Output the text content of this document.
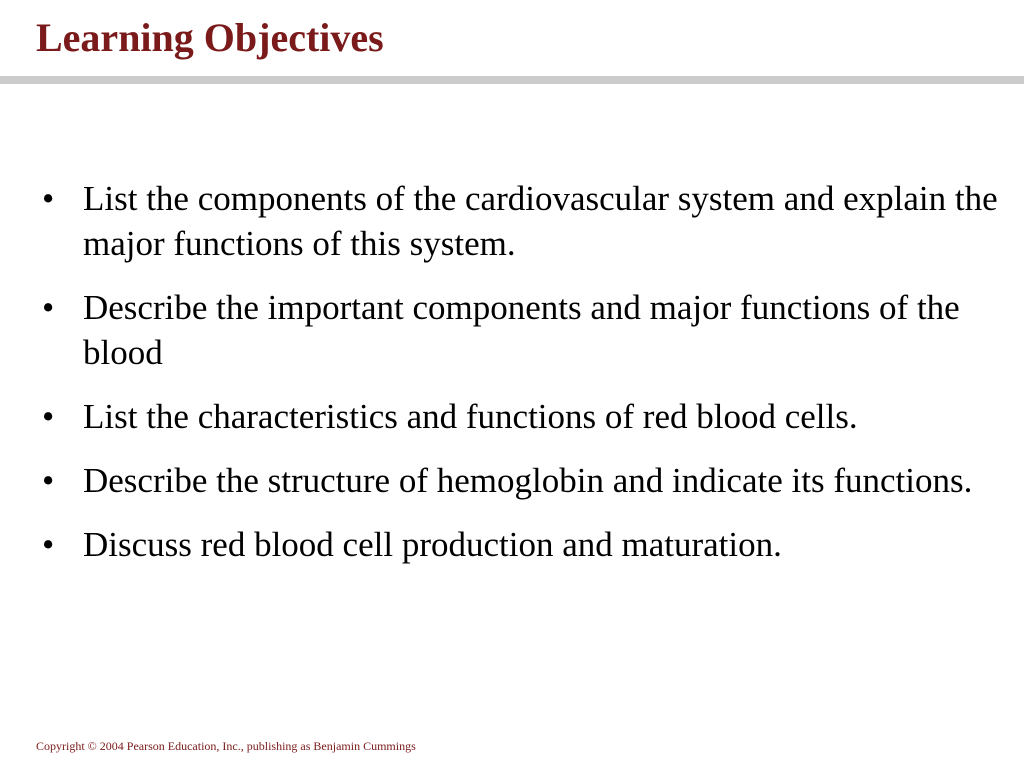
Learning Objectives
• List the components of the cardiovascular system and explain the major functions of this system.
• Describe the important components and major functions of the blood
• List the characteristics and functions of red blood cells.
• Describe the structure of hemoglobin and indicate its functions.
• Discuss red blood cell production and maturation.
Copyright © 2004 Pearson Education, Inc., publishing as Benjamin Cummings
